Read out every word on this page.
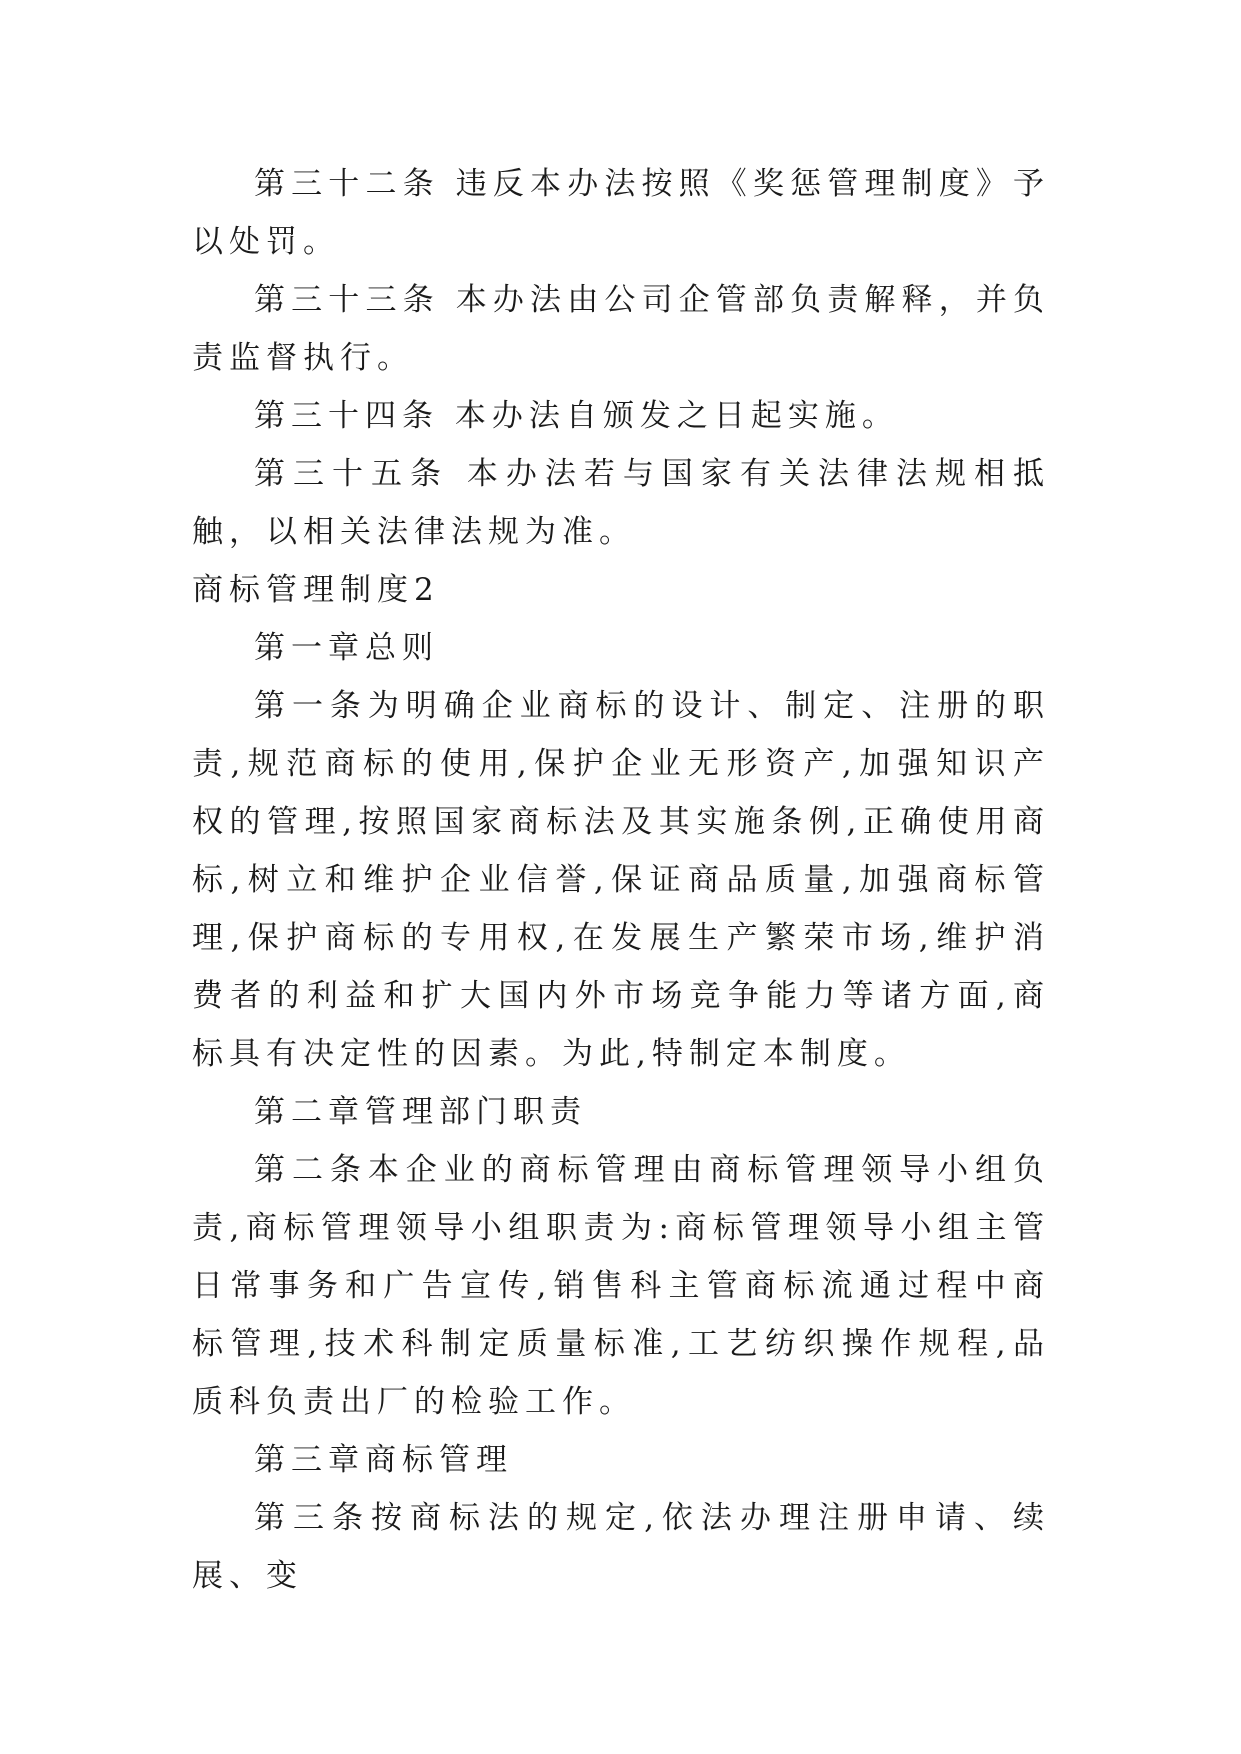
第三十二条 违反本办法按照《奖惩管理制度》予以处罚。

第三十三条 本办法由公司企管部负责解释，并负责监督执行。

第三十四条 本办法自颁发之日起实施。

第三十五条 本办法若与国家有关法律法规相抵触，以相关法律法规为准。

商标管理制度2

第一章总则

第一条为明确企业商标的设计、制定、注册的职责,规范商标的使用,保护企业无形资产,加强知识产权的管理,按照国家商标法及其实施条例,正确使用商标,树立和维护企业信誉,保证商品质量,加强商标管理,保护商标的专用权,在发展生产繁荣市场,维护消费者的利益和扩大国内外市场竞争能力等诸方面,商标具有决定性的因素。为此,特制定本制度。

第二章管理部门职责

第二条本企业的商标管理由商标管理领导小组负责,商标管理领导小组职责为:商标管理领导小组主管日常事务和广告宣传,销售科主管商标流通过程中商标管理,技术科制定质量标准,工艺纺织操作规程,品质科负责出厂的检验工作。

第三章商标管理

第三条按商标法的规定,依法办理注册申请、续展、变
